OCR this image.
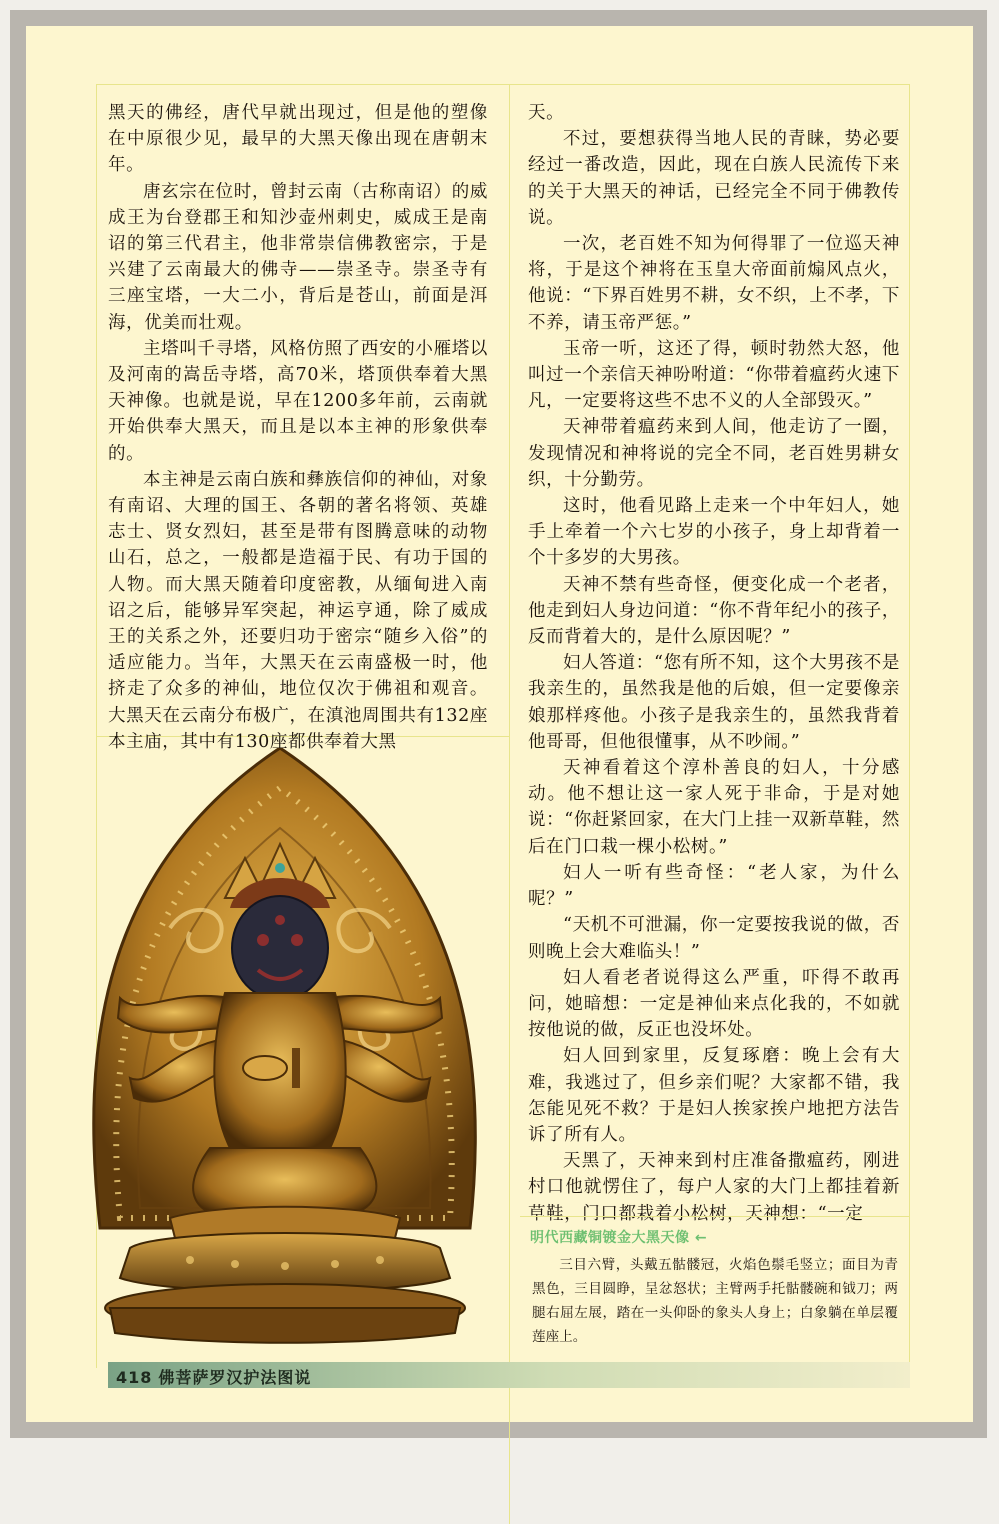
黑天的佛经，唐代早就出现过，但是他的塑像在中原很少见，最早的大黑天像出现在唐朝末年。

唐玄宗在位时，曾封云南（古称南诏）的威成王为台登郡王和知沙壶州刺史，威成王是南诏的第三代君主，他非常崇信佛教密宗，于是兴建了云南最大的佛寺——崇圣寺。崇圣寺有三座宝塔，一大二小，背后是苍山，前面是洱海，优美而壮观。

主塔叫千寻塔，风格仿照了西安的小雁塔以及河南的嵩岳寺塔，高70米，塔顶供奉着大黑天神像。也就是说，早在1200多年前，云南就开始供奉大黑天，而且是以本主神的形象供奉的。

本主神是云南白族和彝族信仰的神仙，对象有南诏、大理的国王、各朝的著名将领、英雄志士、贤女烈妇，甚至是带有图腾意味的动物山石，总之，一般都是造福于民、有功于国的人物。而大黑天随着印度密教，从缅甸进入南诏之后，能够异军突起，神运亨通，除了威成王的关系之外，还要归功于密宗“随乡入俗”的适应能力。当年，大黑天在云南盛极一时，他挤走了众多的神仙，地位仅次于佛祖和观音。大黑天在云南分布极广，在滇池周围共有132座本主庙，其中有130座都供奉着大黑

天。

不过，要想获得当地人民的青睐，势必要经过一番改造，因此，现在白族人民流传下来的关于大黑天的神话，已经完全不同于佛教传说。

一次，老百姓不知为何得罪了一位巡天神将，于是这个神将在玉皇大帝面前煽风点火，他说：“下界百姓男不耕，女不织，上不孝，下不养，请玉帝严惩。”

玉帝一听，这还了得，顿时勃然大怒，他叫过一个亲信天神吩咐道：“你带着瘟药火速下凡，一定要将这些不忠不义的人全部毁灭。”

天神带着瘟药来到人间，他走访了一圈，发现情况和神将说的完全不同，老百姓男耕女织，十分勤劳。

这时，他看见路上走来一个中年妇人，她手上牵着一个六七岁的小孩子，身上却背着一个十多岁的大男孩。

天神不禁有些奇怪，便变化成一个老者，他走到妇人身边问道：“你不背年纪小的孩子，反而背着大的，是什么原因呢？”

妇人答道：“您有所不知，这个大男孩不是我亲生的，虽然我是他的后娘，但一定要像亲娘那样疼他。小孩子是我亲生的，虽然我背着他哥哥，但他很懂事，从不吵闹。”

天神看着这个淳朴善良的妇人，十分感动。他不想让这一家人死于非命，于是对她说：“你赶紧回家，在大门上挂一双新草鞋，然后在门口栽一棵小松树。”

妇人一听有些奇怪：“老人家，为什么呢？”

“天机不可泄漏，你一定要按我说的做，否则晚上会大难临头！”

妇人看老者说得这么严重，吓得不敢再问，她暗想：一定是神仙来点化我的，不如就按他说的做，反正也没坏处。

妇人回到家里，反复琢磨：晚上会有大难，我逃过了，但乡亲们呢？大家都不错，我怎能见死不救？于是妇人挨家挨户地把方法告诉了所有人。

天黑了，天神来到村庄准备撒瘟药，刚进村口他就愣住了，每户人家的大门上都挂着新草鞋，门口都栽着小松树，天神想：“一定

明代西藏铜镀金大黑天像 ←
三目六臂，头戴五骷髅冠，火焰色鬃毛竖立；面目为青黑色，三目圆睁，呈忿怒状；主臂两手托骷髅碗和钺刀；两腿右屈左展，踏在一头仰卧的象头人身上；白象躺在单层覆莲座上。
418 佛菩萨罗汉护法图说
